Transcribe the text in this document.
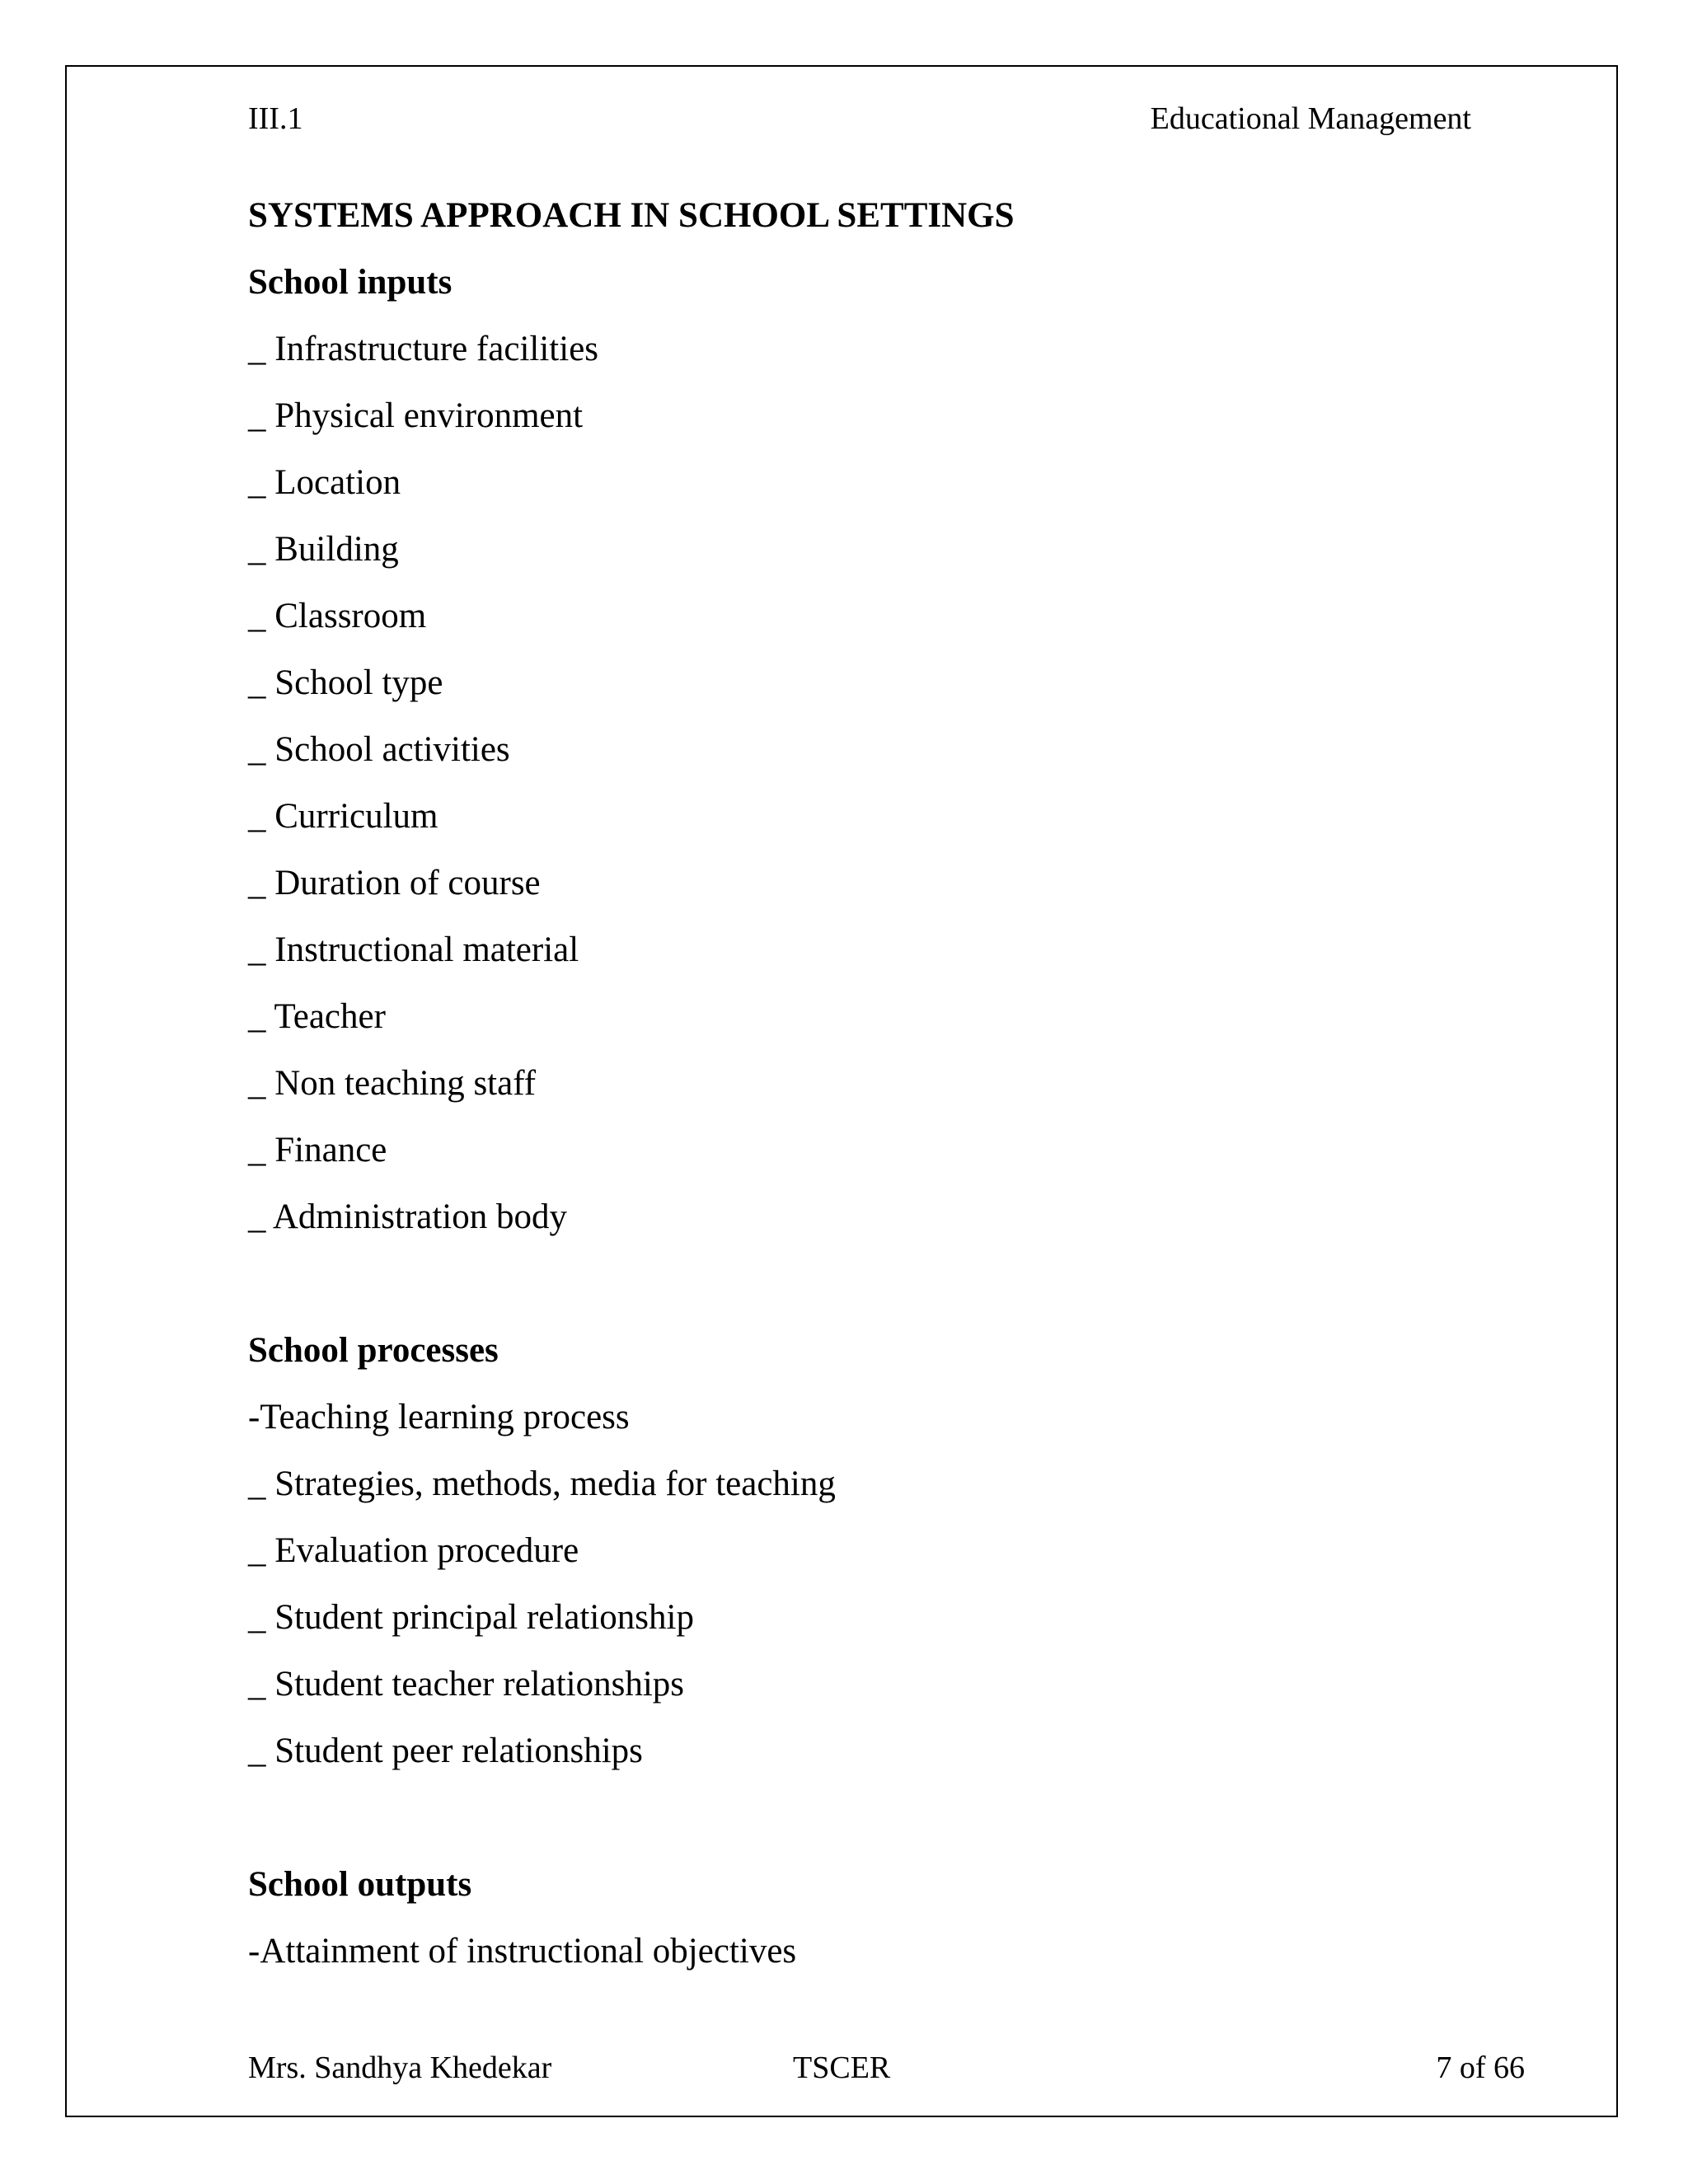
III.1	Educational Management
SYSTEMS APPROACH IN SCHOOL SETTINGS
School inputs
_ Infrastructure facilities
_ Physical environment
_ Location
_ Building
_ Classroom
_ School type
_ School activities
_ Curriculum
_ Duration of course
_ Instructional material
_ Teacher
_ Non teaching staff
_ Finance
_ Administration body
School processes
-Teaching learning process
_ Strategies, methods, media for teaching
_ Evaluation procedure
_ Student principal relationship
_ Student teacher relationships
_ Student peer relationships
School outputs
-Attainment of instructional objectives
Mrs. Sandhya Khedekar	TSCER	7 of 66
